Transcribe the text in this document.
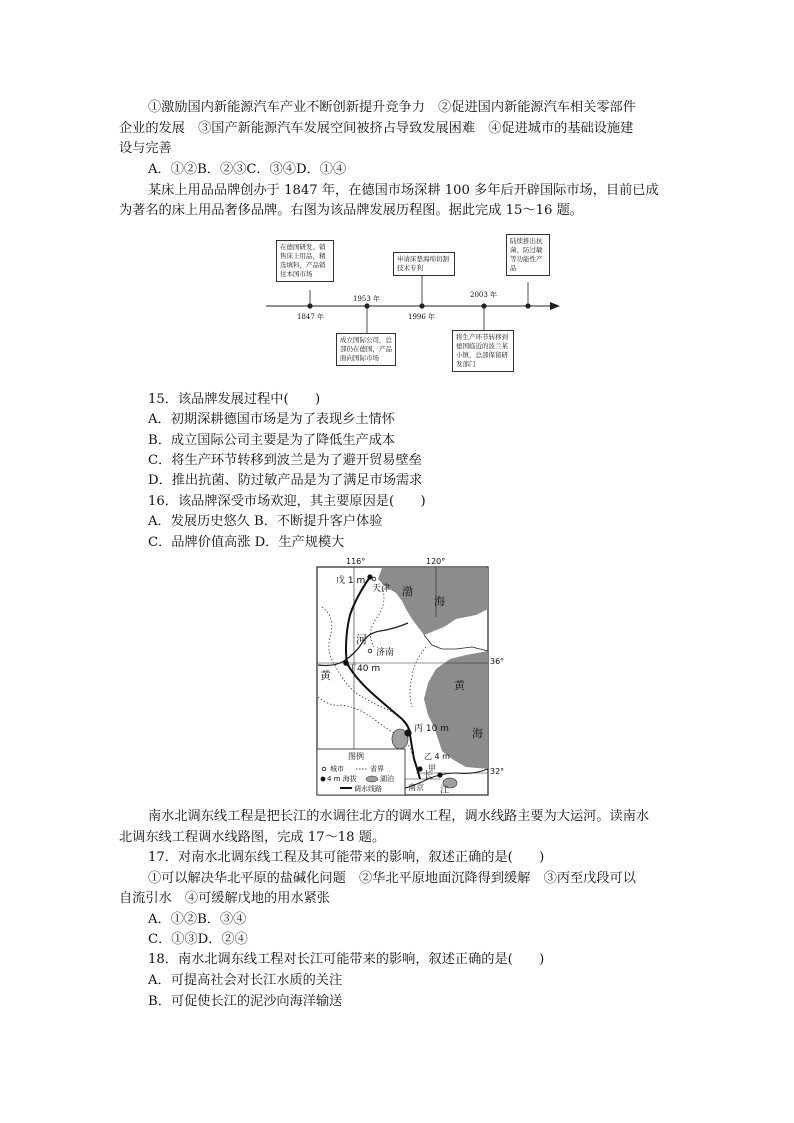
①激励国内新能源汽车产业不断创新提升竞争力　②促进国内新能源汽车相关零部件
企业的发展　③国产新能源汽车发展空间被挤占导致发展困难　④促进城市的基础设施建
设与完善
A．①②B．②③C．③④D．①④
某床上用品品牌创办于 1847 年，在德国市场深耕 100 多年后开辟国际市场，目前已成
为著名的床上用品奢侈品牌。右图为该品牌发展历程图。据此完成 15～16 题。
在德国研发、销售床上用品，精选填料，产品销往本国市场
成立国际公司，总部仍在德国，产品面向国际市场
申请床垫海绵切割技术专利
将生产环节转移到德国临近的波兰某小镇，总部保留研发部门
陆续推出抗菌、防过敏等功能性产品
1847 年
1953 年
1996 年
2003 年
15．该品牌发展过程中(　　)
A．初期深耕德国市场是为了表现乡土情怀
B．成立国际公司主要是为了降低生产成本
C．将生产环节转移到波兰是为了避开贸易壁垒
D．推出抗菌、防过敏产品是为了满足市场需求
16．该品牌深受市场欢迎，其主要原因是(　　)
A．发展历史悠久 B．不断提升客户体验
C．品牌价值高涨 D．生产规模大
116°	120°
36°
32°
戊 1 m
天津
济南
丁40 m
丙 10 m
乙 4 m
南京
甲
渤
海
黄
海
河
黄
长
江
图例
城市	省界
4 m 海拔	湖泊
调水线路
南水北调东线工程是把长江的水调往北方的调水工程，调水线路主要为大运河。读南水
北调东线工程调水线路图，完成 17～18 题。
17．对南水北调东线工程及其可能带来的影响，叙述正确的是(　　)
①可以解决华北平原的盐碱化问题　②华北平原地面沉降得到缓解　③丙至戊段可以
自流引水　④可缓解戊地的用水紧张
A．①②B．③④
C．①③D．②④
18．南水北调东线工程对长江可能带来的影响，叙述正确的是(　　)
A．可提高社会对长江水质的关注
B．可促使长江的泥沙向海洋输送
